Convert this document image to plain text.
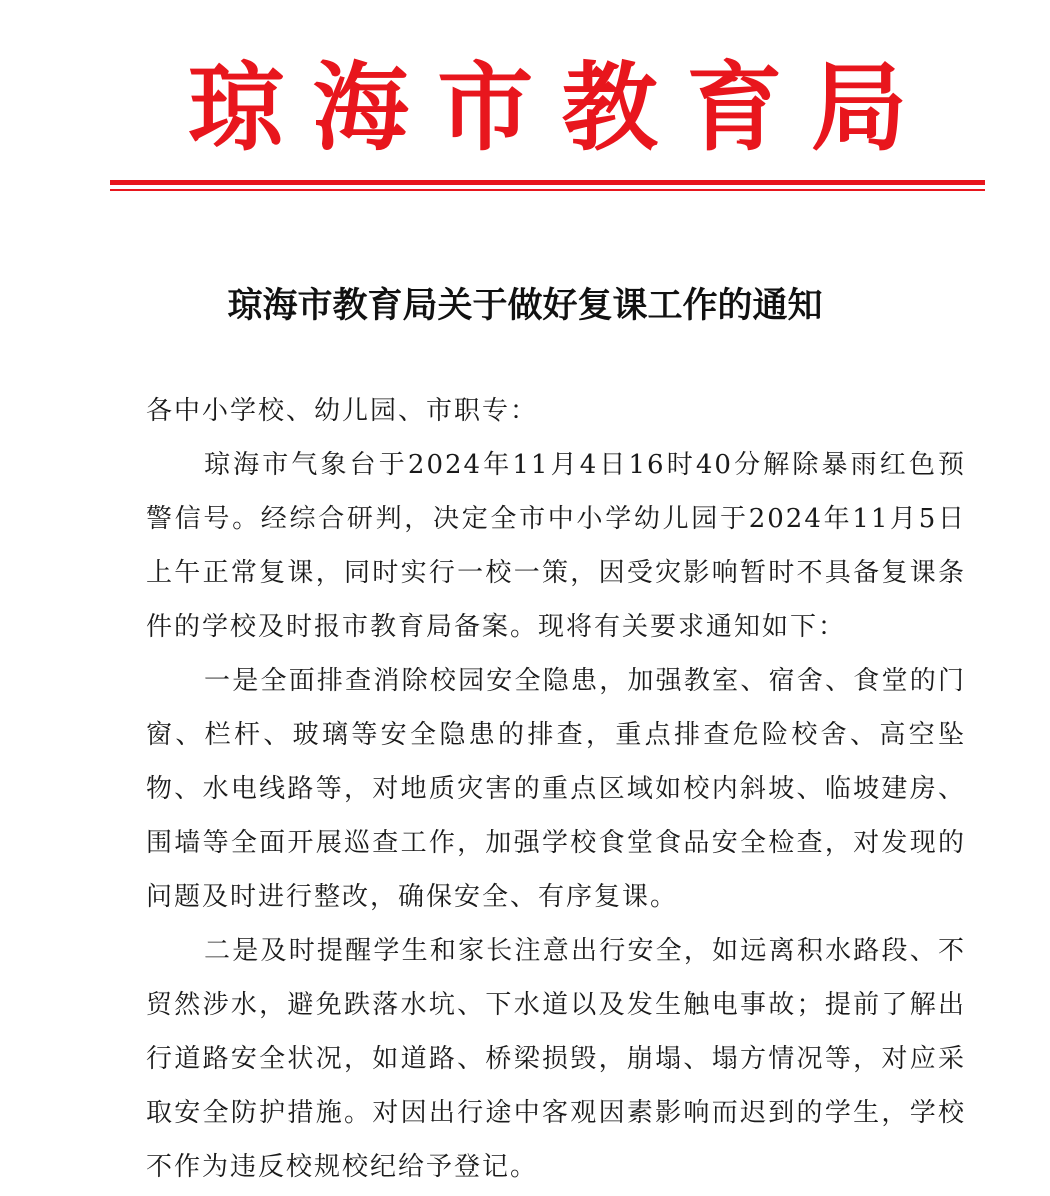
琼 海 市 教 育 局
琼海市教育局关于做好复课工作的通知

各中小学校、幼儿园、市职专：

琼海市气象台于2024年11月4日16时40分解除暴雨红色预警信号。经综合研判，决定全市中小学幼儿园于2024年11月5日上午正常复课，同时实行一校一策，因受灾影响暂时不具备复课条件的学校及时报市教育局备案。现将有关要求通知如下：

一是全面排查消除校园安全隐患，加强教室、宿舍、食堂的门窗、栏杆、玻璃等安全隐患的排查，重点排查危险校舍、高空坠物、水电线路等，对地质灾害的重点区域如校内斜坡、临坡建房、围墙等全面开展巡查工作，加强学校食堂食品安全检查，对发现的问题及时进行整改，确保安全、有序复课。

二是及时提醒学生和家长注意出行安全，如远离积水路段、不贸然涉水，避免跌落水坑、下水道以及发生触电事故；提前了解出行道路安全状况，如道路、桥梁损毁，崩塌、塌方情况等，对应采取安全防护措施。对因出行途中客观因素影响而迟到的学生，学校不作为违反校规校纪给予登记。
